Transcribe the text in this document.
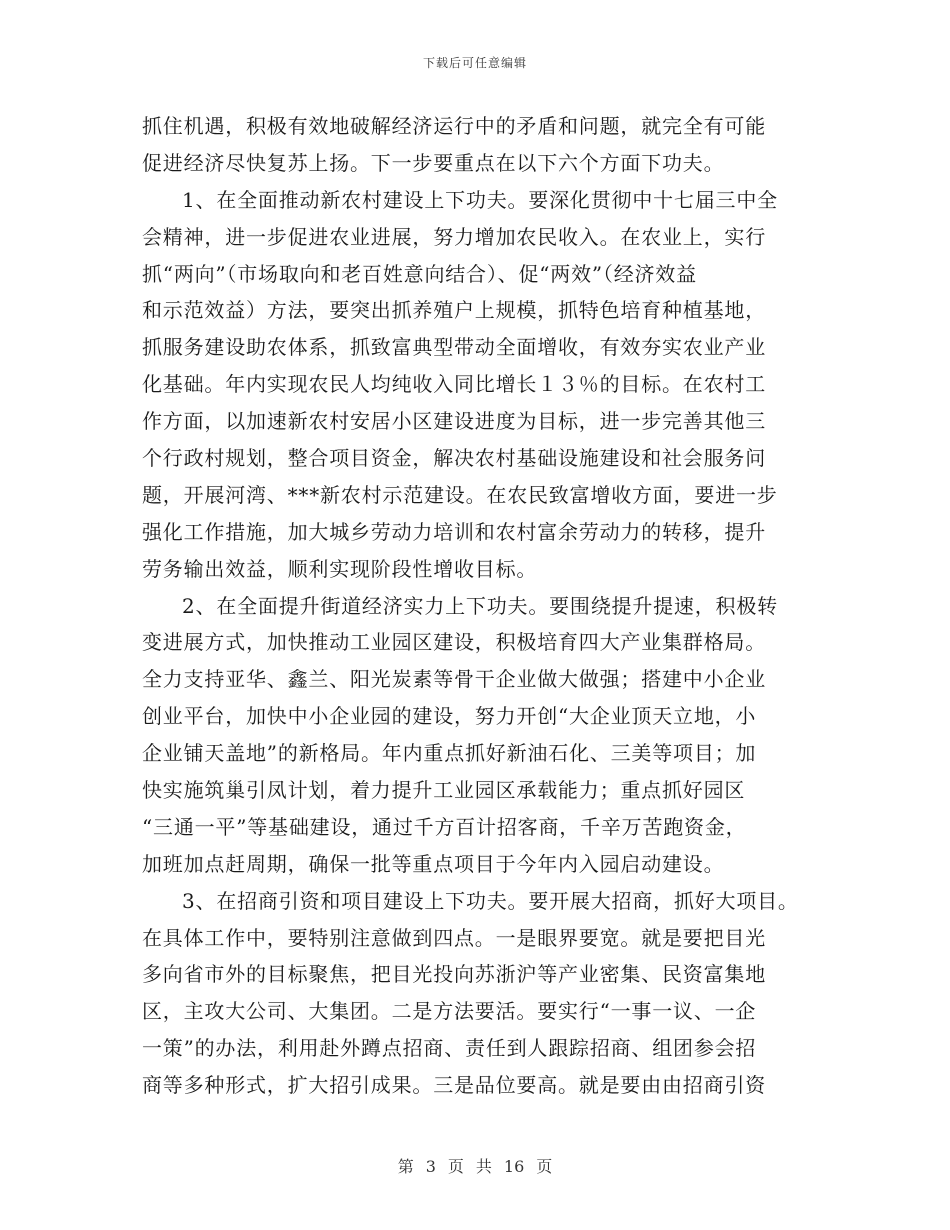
下载后可任意编辑
抓住机遇，积极有效地破解经济运行中的矛盾和问题，就完全有可能
促进经济尽快复苏上扬。下一步要重点在以下六个方面下功夫。
1、在全面推动新农村建设上下功夫。要深化贯彻中十七届三中全
会精神，进一步促进农业进展，努力增加农民收入。在农业上，实行
抓“两向”（市场取向和老百姓意向结合）、促“两效”（经济效益
和示范效益）方法，要突出抓养殖户上规模，抓特色培育种植基地，
抓服务建设助农体系，抓致富典型带动全面增收，有效夯实农业产业
化基础。年内实现农民人均纯收入同比增长１３％的目标。在农村工
作方面，以加速新农村安居小区建设进度为目标，进一步完善其他三
个行政村规划，整合项目资金，解决农村基础设施建设和社会服务问
题，开展河湾、***新农村示范建设。在农民致富增收方面，要进一步
强化工作措施，加大城乡劳动力培训和农村富余劳动力的转移，提升
劳务输出效益，顺利实现阶段性增收目标。
2、在全面提升街道经济实力上下功夫。要围绕提升提速，积极转
变进展方式，加快推动工业园区建设，积极培育四大产业集群格局。
全力支持亚华、鑫兰、阳光炭素等骨干企业做大做强；搭建中小企业
创业平台，加快中小企业园的建设，努力开创“大企业顶天立地，小
企业铺天盖地”的新格局。年内重点抓好新油石化、三美等项目；加
快实施筑巢引凤计划，着力提升工业园区承载能力；重点抓好园区
“三通一平”等基础建设，通过千方百计招客商，千辛万苦跑资金，
加班加点赶周期，确保一批等重点项目于今年内入园启动建设。
3、在招商引资和项目建设上下功夫。要开展大招商，抓好大项目。
在具体工作中，要特别注意做到四点。一是眼界要宽。就是要把目光
多向省市外的目标聚焦，把目光投向苏浙沪等产业密集、民资富集地
区，主攻大公司、大集团。二是方法要活。要实行“一事一议、一企
一策”的办法，利用赴外蹲点招商、责任到人跟踪招商、组团参会招
商等多种形式，扩大招引成果。三是品位要高。就是要由由招商引资
第 3 页 共 16 页
